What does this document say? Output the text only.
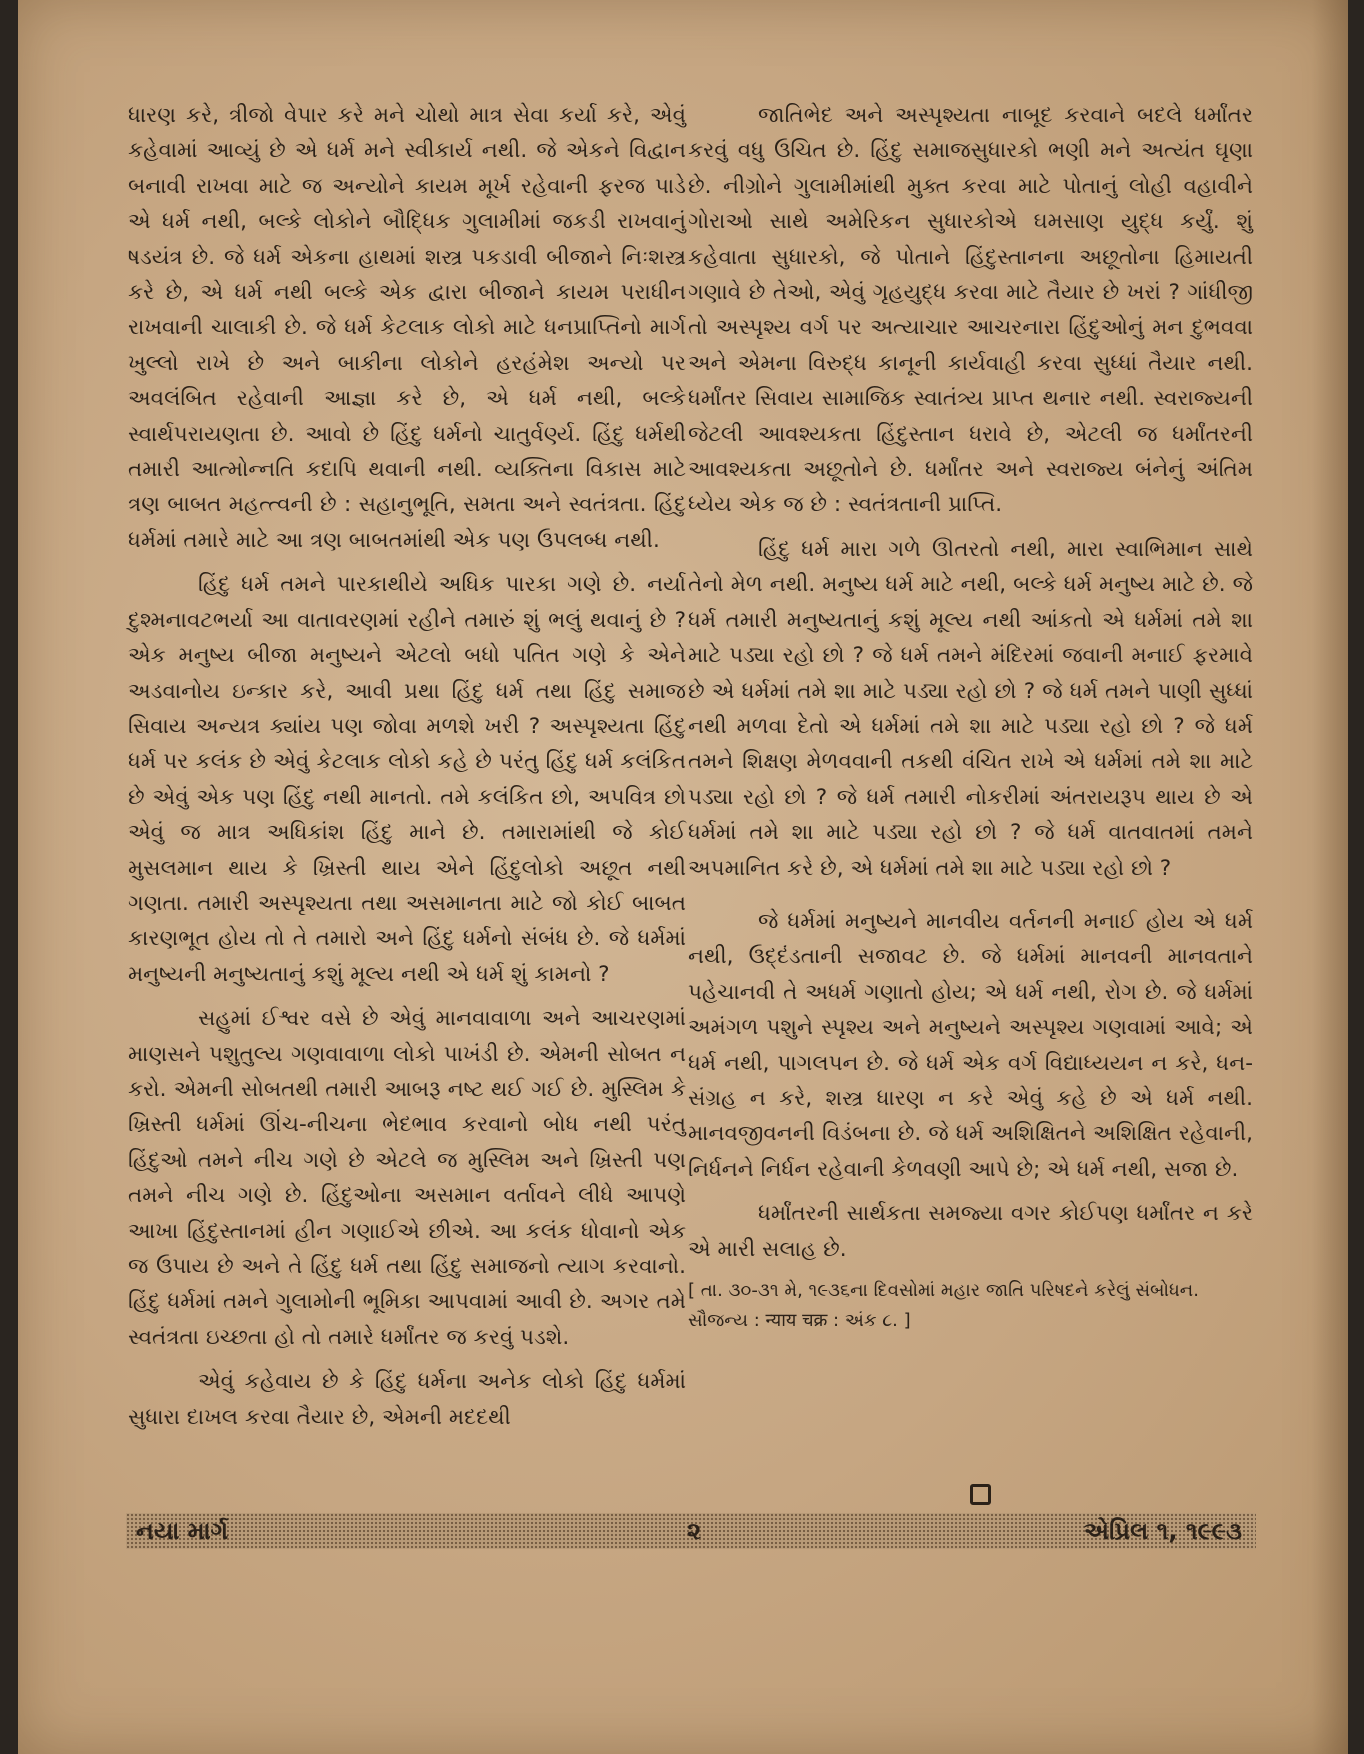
ધારણ કરે, ત્રીજો વેપાર કરે મને ચોથો માત્ર સેવા કર્યા કરે, એવું કહેવામાં આવ્યું છે એ ધર્મ મને સ્વીકાર્ય નથી. જે એકને વિદ્વાન બનાવી રાખવા માટે જ અન્યોને કાયમ મૂર્ખ રહેવાની ફરજ પાડે એ ધર્મ નથી, બલ્કે લોકોને બૌદ્ધિક ગુલામીમાં જકડી રાખવાનું ષડયંત્ર છે. જે ધર્મ એકના હાથમાં શસ્ત્ર પકડાવી બીજાને નિઃશસ્ત્ર કરે છે, એ ધર્મ નથી બલ્કે એક દ્વારા બીજાને કાયમ પરાધીન રાખવાની ચાલાકી છે. જે ધર્મ કેટલાક લોકો માટે ધનપ્રાપ્તિનો માર્ગ ખુલ્લો રાખે છે અને બાકીના લોકોને હરહંમેશ અન્યો પર અવલંબિત રહેવાની આજ્ઞા કરે છે, એ ધર્મ નથી, બલ્કે સ્વાર્થપરાયણતા છે. આવો છે હિંદુ ધર્મનો ચાતુર્વર્ણ્ય. હિંદુ ધર્મથી તમારી આત્મોન્નતિ કદાપિ થવાની નથી. વ્યક્તિના વિકાસ માટે ત્રણ બાબત મહત્ત્વની છે : સહાનુભૂતિ, સમતા અને સ્વતંત્રતા. હિંદુ ધર્મમાં તમારે માટે આ ત્રણ બાબતમાંથી એક પણ ઉપલબ્ધ નથી.

હિંદુ ધર્મ તમને પારકાથીયે અધિક પારકા ગણે છે. નર્યા દુશ્મનાવટભર્યા આ વાતાવરણમાં રહીને તમારું શું ભલું થવાનું છે ? એક મનુષ્ય બીજા મનુષ્યને એટલો બધો પતિત ગણે કે એને અડવાનોય ઇન્કાર કરે, આવી પ્રથા હિંદુ ધર્મ તથા હિંદુ સમાજ સિવાય અન્યત્ર ક્યાંય પણ જોવા મળશે ખરી ? અસ્પૃશ્યતા હિંદુ ધર્મ પર કલંક છે એવું કેટલાક લોકો કહે છે પરંતુ હિંદુ ધર્મ કલંકિત છે એવું એક પણ હિંદુ નથી માનતો. તમે કલંકિત છો, અપવિત્ર છો એવું જ માત્ર અધિકાંશ હિંદુ માને છે. તમારામાંથી જે કોઈ મુસલમાન થાય કે ખ્રિસ્તી થાય એને હિંદુલોકો અછૂત નથી ગણતા. તમારી અસ્પૃશ્યતા તથા અસમાનતા માટે જો કોઈ બાબત કારણભૂત હોય તો તે તમારો અને હિંદુ ધર્મનો સંબંધ છે. જે ધર્મમાં મનુષ્યની મનુષ્યતાનું કશું મૂલ્ય નથી એ ધર્મ શું કામનો ?

સહુમાં ઈશ્વર વસે છે એવું માનવાવાળા અને આચરણમાં માણસને પશુતુલ્ય ગણવાવાળા લોકો પાખંડી છે. એમની સોબત ન કરો. એમની સોબતથી તમારી આબરૂ નષ્ટ થઈ ગઈ છે. મુસ્લિમ કે ખ્રિસ્તી ધર્મમાં ઊંચ-નીચના ભેદભાવ કરવાનો બોધ નથી પરંતુ હિંદુઓ તમને નીચ ગણે છે એટલે જ મુસ્લિમ અને ખ્રિસ્તી પણ તમને નીચ ગણે છે. હિંદુઓના અસમાન વર્તાવને લીધે આપણે આખા હિંદુસ્તાનમાં હીન ગણાઈએ છીએ. આ કલંક ધોવાનો એક જ ઉપાય છે અને તે હિંદુ ધર્મ તથા હિંદુ સમાજનો ત્યાગ કરવાનો. હિંદુ ધર્મમાં તમને ગુલામોની ભૂમિકા આપવામાં આવી છે. અગર તમે સ્વતંત્રતા ઇચ્છતા હો તો તમારે ધર્માંતર જ કરવું પડશે.

એવું કહેવાય છે કે હિંદુ ધર્મના અનેક લોકો હિંદુ ધર્મમાં સુધારા દાખલ કરવા તૈયાર છે, એમની મદદથી

જાતિભેદ અને અસ્પૃશ્યતા નાબૂદ કરવાને બદલે ધર્માંતર કરવું વધુ ઉચિત છે. હિંદુ સમાજસુધારકો ભણી મને અત્યંત ઘૃણા છે. નીગ્રોને ગુલામીમાંથી મુક્ત કરવા માટે પોતાનું લોહી વહાવીને ગોરાઓ સાથે અમેરિકન સુધારકોએ ઘમસાણ યુદ્ધ કર્યું. શું કહેવાતા સુધારકો, જે પોતાને હિંદુસ્તાનના અછૂતોના હિમાયતી ગણાવે છે તેઓ, એવું ગૃહયુદ્ધ કરવા માટે તૈયાર છે ખરાં ? ગાંધીજી તો અસ્પૃશ્ય વર્ગ પર અત્યાચાર આચરનારા હિંદુઓનું મન દુભવવા અને એમના વિરુદ્ધ કાનૂની કાર્યવાહી કરવા સુધ્ધાં તૈયાર નથી. ધર્માંતર સિવાય સામાજિક સ્વાતંત્ર્ય પ્રાપ્ત થનાર નથી. સ્વરાજ્યની જેટલી આવશ્યકતા હિંદુસ્તાન ધરાવે છે, એટલી જ ધર્માંતરની આવશ્યકતા અછૂતોને છે. ધર્માંતર અને સ્વરાજ્ય બંનેનું અંતિમ ધ્યેય એક જ છે : સ્વતંત્રતાની પ્રાપ્તિ.

હિંદુ ધર્મ મારા ગળે ઊતરતો નથી, મારા સ્વાભિમાન સાથે તેનો મેળ નથી. મનુષ્ય ધર્મ માટે નથી, બલ્કે ધર્મ મનુષ્ય માટે છે. જે ધર્મ તમારી મનુષ્યતાનું કશું મૂલ્ય નથી આંકતો એ ધર્મમાં તમે શા માટે પડ્યા રહો છો ? જે ધર્મ તમને મંદિરમાં જવાની મનાઈ ફરમાવે છે એ ધર્મમાં તમે શા માટે પડ્યા રહો છો ? જે ધર્મ તમને પાણી સુધ્ધાં નથી મળવા દેતો એ ધર્મમાં તમે શા માટે પડ્યા રહો છો ? જે ધર્મ તમને શિક્ષણ મેળવવાની તકથી વંચિત રાખે એ ધર્મમાં તમે શા માટે પડ્યા રહો છો ? જે ધર્મ તમારી નોકરીમાં અંતરાયરૂપ થાય છે એ ધર્મમાં તમે શા માટે પડ્યા રહો છો ? જે ધર્મ વાતવાતમાં તમને અપમાનિત કરે છે, એ ધર્મમાં તમે શા માટે પડ્યા રહો છો ?

જે ધર્મમાં મનુષ્યને માનવીય વર્તનની મનાઈ હોય એ ધર્મ નથી, ઉદ્દંડતાની સજાવટ છે. જે ધર્મમાં માનવની માનવતાને પહેચાનવી તે અધર્મ ગણાતો હોય; એ ધર્મ નથી, રોગ છે. જે ધર્મમાં અમંગળ પશુને સ્પૃશ્ય અને મનુષ્યને અસ્પૃશ્ય ગણવામાં આવે; એ ધર્મ નથી, પાગલપન છે. જે ધર્મ એક વર્ગ વિદ્યાધ્યયન ન કરે, ધન-સંગ્રહ ન કરે, શસ્ત્ર ધારણ ન કરે એવું કહે છે એ ધર્મ નથી. માનવજીવનની વિડંબના છે. જે ધર્મ અશિક્ષિતને અશિક્ષિત રહેવાની, નિર્ધનને નિર્ધન રહેવાની કેળવણી આપે છે; એ ધર્મ નથી, સજા છે.

ધર્માંતરની સાર્થકતા સમજ્યા વગર કોઈપણ ધર્માંતર ન કરે એ મારી સલાહ છે.

[ તા. ૩૦-૩૧ મે, ૧૯૩૬ના દિવસોમાં મહાર જાતિ પરિષદને કરેલું સંબોધન. સૌજન્ય : न्याय चक्र : અંક ૮. ]

નયા માર્ગ	૨	એપ્રિલ ૧, ૧૯૯૩
